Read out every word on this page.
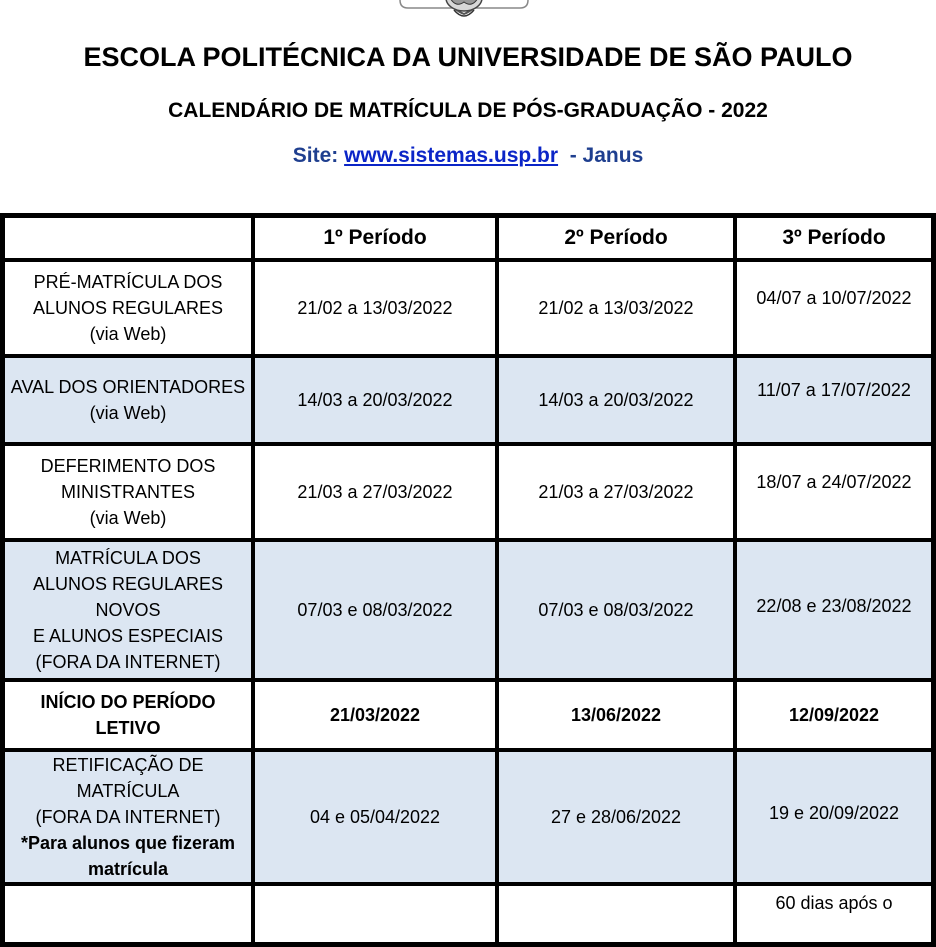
ESCOLA POLITÉCNICA DA UNIVERSIDADE DE SÃO PAULO
CALENDÁRIO DE MATRÍCULA DE PÓS-GRADUAÇÃO - 2022
Site: www.sistemas.usp.br - Janus
	1º Período	2º Período	3º Período

PRÉ-MATRÍCULA DOS
ALUNOS REGULARES
(via Web)	21/02 a 13/03/2022	21/02 a 13/03/2022	04/07 a 10/07/2022

AVAL DOS ORIENTADORES
(via Web)	14/03 a 20/03/2022	14/03 a 20/03/2022	11/07 a 17/07/2022

DEFERIMENTO DOS
MINISTRANTES
(via Web)	21/03 a 27/03/2022	21/03 a 27/03/2022	18/07 a 24/07/2022

MATRÍCULA DOS
ALUNOS REGULARES
NOVOS
E ALUNOS ESPECIAIS
(FORA DA INTERNET)	07/03 e 08/03/2022	07/03 e 08/03/2022	22/08 e 23/08/2022

INÍCIO DO PERÍODO
LETIVO	21/03/2022	13/06/2022	12/09/2022

RETIFICAÇÃO DE
MATRÍCULA
(FORA DA INTERNET)
*Para alunos que fizeram
matrícula	04 e 05/04/2022	27 e 28/06/2022	19 e 20/09/2022
			60 dias após o
